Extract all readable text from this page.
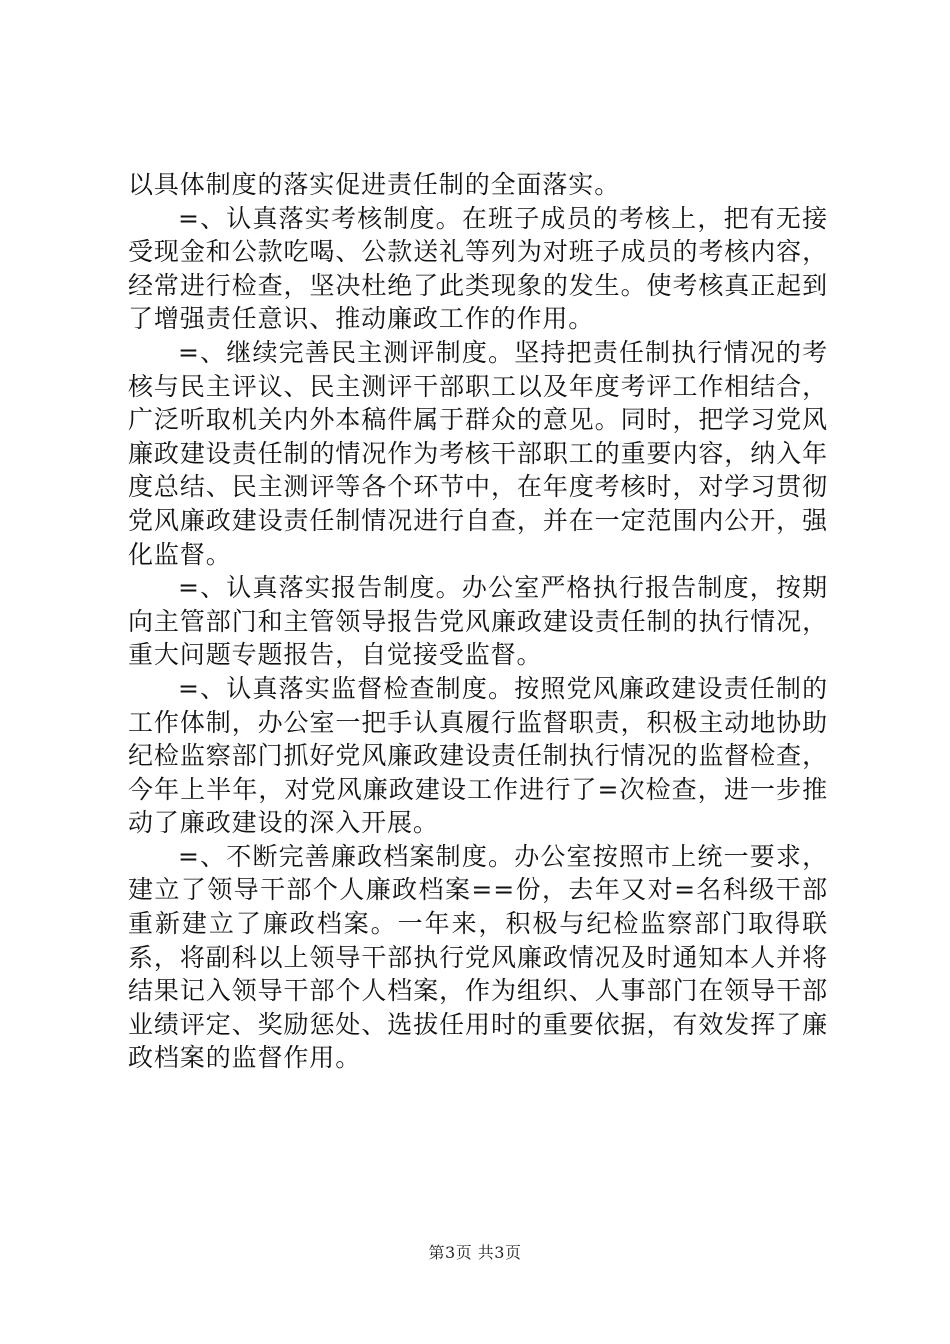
以具体制度的落实促进责任制的全面落实。

=、认真落实考核制度。在班子成员的考核上，把有无接受现金和公款吃喝、公款送礼等列为对班子成员的考核内容，经常进行检查，坚决杜绝了此类现象的发生。使考核真正起到了增强责任意识、推动廉政工作的作用。

=、继续完善民主测评制度。坚持把责任制执行情况的考核与民主评议、民主测评干部职工以及年度考评工作相结合，广泛听取机关内外本稿件属于群众的意见。同时，把学习党风廉政建设责任制的情况作为考核干部职工的重要内容，纳入年度总结、民主测评等各个环节中，在年度考核时，对学习贯彻党风廉政建设责任制情况进行自查，并在一定范围内公开，强化监督。

=、认真落实报告制度。办公室严格执行报告制度，按期向主管部门和主管领导报告党风廉政建设责任制的执行情况，重大问题专题报告，自觉接受监督。

=、认真落实监督检查制度。按照党风廉政建设责任制的工作体制，办公室一把手认真履行监督职责，积极主动地协助纪检监察部门抓好党风廉政建设责任制执行情况的监督检查，今年上半年，对党风廉政建设工作进行了=次检查，进一步推动了廉政建设的深入开展。

=、不断完善廉政档案制度。办公室按照市上统一要求，建立了领导干部个人廉政档案==份，去年又对=名科级干部重新建立了廉政档案。一年来，积极与纪检监察部门取得联系，将副科以上领导干部执行党风廉政情况及时通知本人并将结果记入领导干部个人档案，作为组织、人事部门在领导干部业绩评定、奖励惩处、选拔任用时的重要依据，有效发挥了廉政档案的监督作用。

第3页 共3页
